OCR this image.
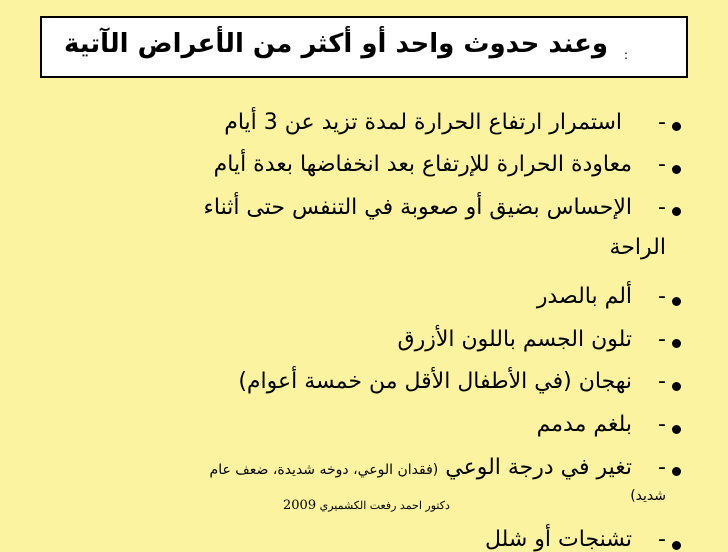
وعند حدوث واحد أو أكثر من الأعراض الآتية :
-استمرار ارتفاع الحرارة لمدة تزيد عن 3 أيام
-معاودة الحرارة للإرتفاع بعد انخفاضها بعدة أيام
-الإحساس بضيق أو صعوبة في التنفس حتى أثناء
الراحة
-ألم بالصدر
-تلون الجسم باللون الأزرق
-نهجان (في الأطفال الأقل من خمسة أعوام)
-بلغم مدمم
-تغير في درجة الوعي (فقدان الوعي، دوخه شديدة، ضعف عام
شديد)
-تشنجات أو شلل
دكتور احمد رفعت الكشميري 2009
